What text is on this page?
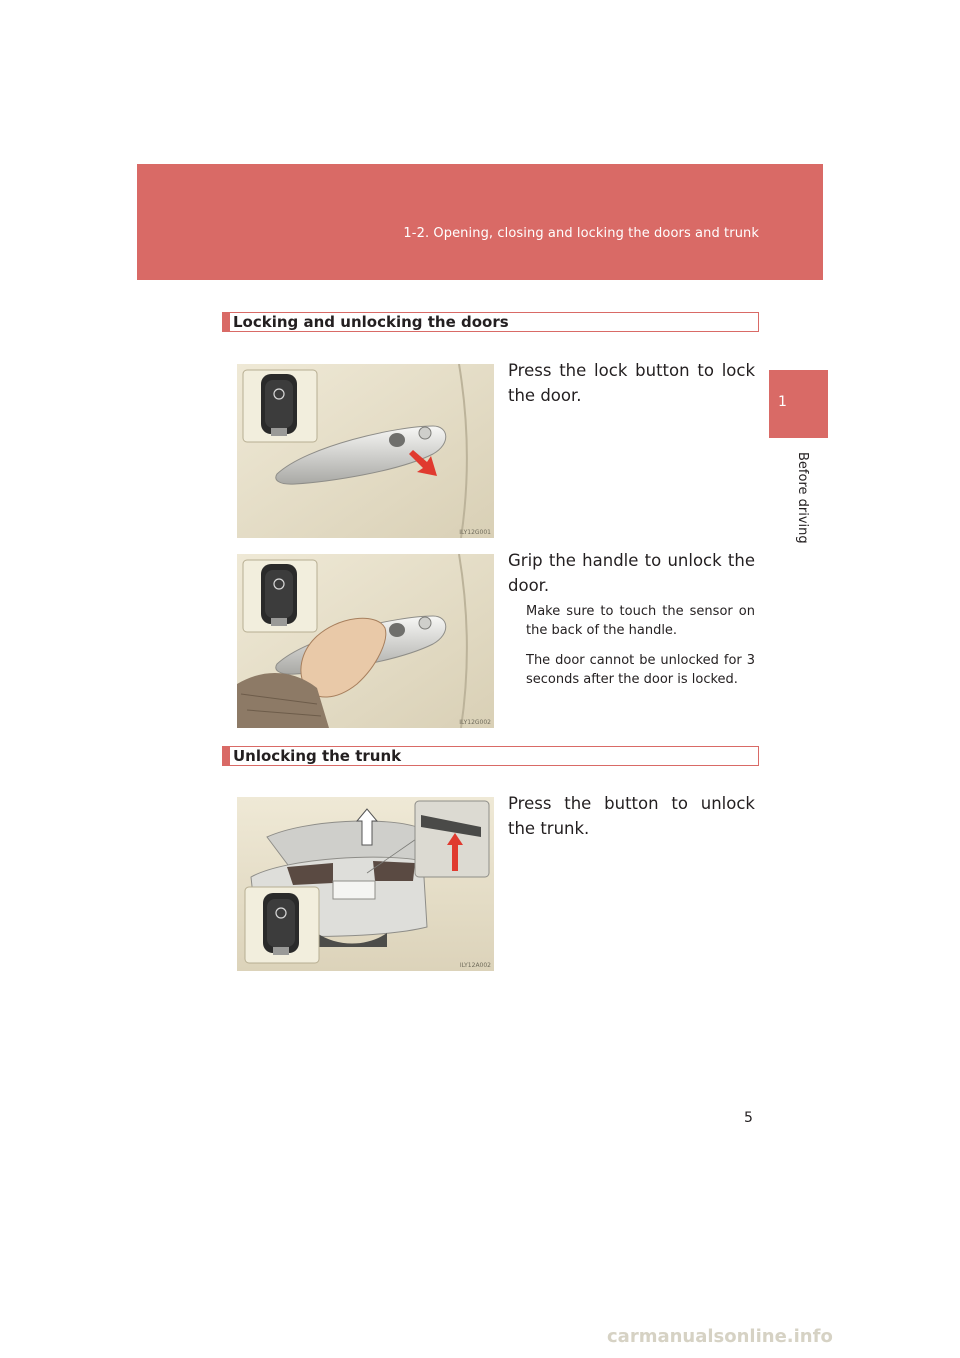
1-2. Opening, closing and locking the doors and trunk
1
Before driving
Locking and unlocking the doors
ILY12G001
Press the lock button to lock the door.
ILY12G002
Grip the handle to unlock the door.
Make sure to touch the sensor on the back of the handle.
The door cannot be unlocked for 3 seconds after the door is locked.
Unlocking the trunk
ILY12A002
Press the button to unlock the trunk.
5
carmanualsonline.info
